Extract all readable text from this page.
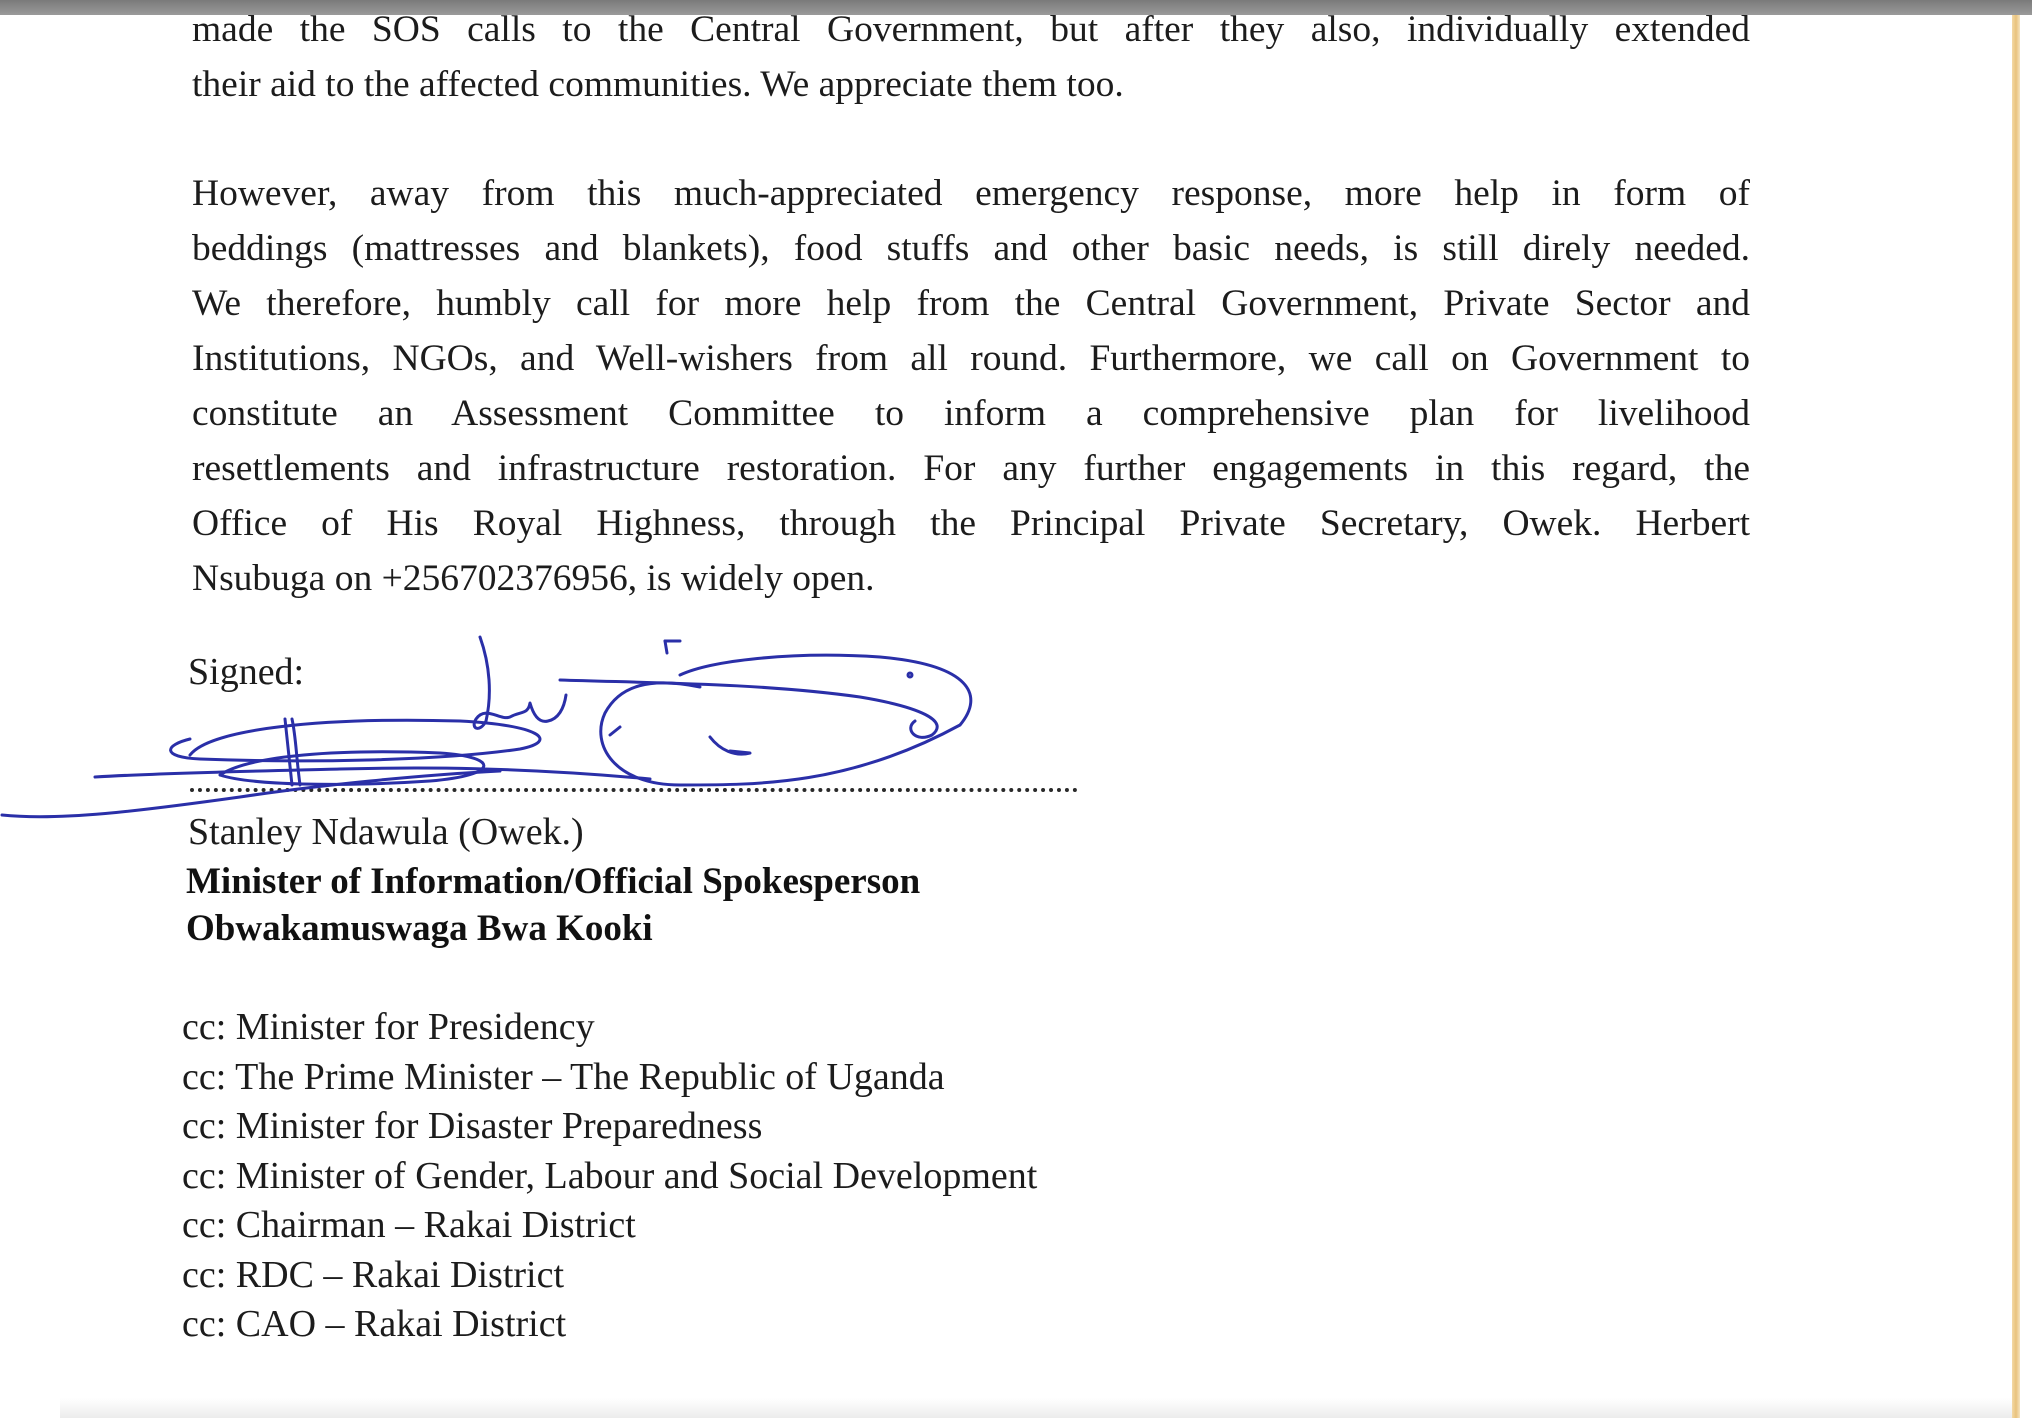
made the SOS calls to the Central Government, but after they also, individually extended
their aid to the affected communities. We appreciate them too.
However, away from this much-appreciated emergency response, more help in form of
beddings (mattresses and blankets), food stuffs and other basic needs, is still direly needed.
We therefore, humbly call for more help from the Central Government, Private Sector and
Institutions, NGOs, and Well-wishers from all round. Furthermore, we call on Government to
constitute an Assessment Committee to inform a comprehensive plan for livelihood
resettlements and infrastructure restoration. For any further engagements in this regard, the
Office of His Royal Highness, through the Principal Private Secretary, Owek. Herbert
Nsubuga on +256702376956, is widely open.
Signed:
Stanley Ndawula (Owek.)
Minister of Information/Official Spokesperson
Obwakamuswaga Bwa Kooki
cc: Minister for Presidency
cc: The Prime Minister – The Republic of Uganda
cc: Minister for Disaster Preparedness
cc: Minister of Gender, Labour and Social Development
cc: Chairman – Rakai District
cc: RDC – Rakai District
cc: CAO – Rakai District
